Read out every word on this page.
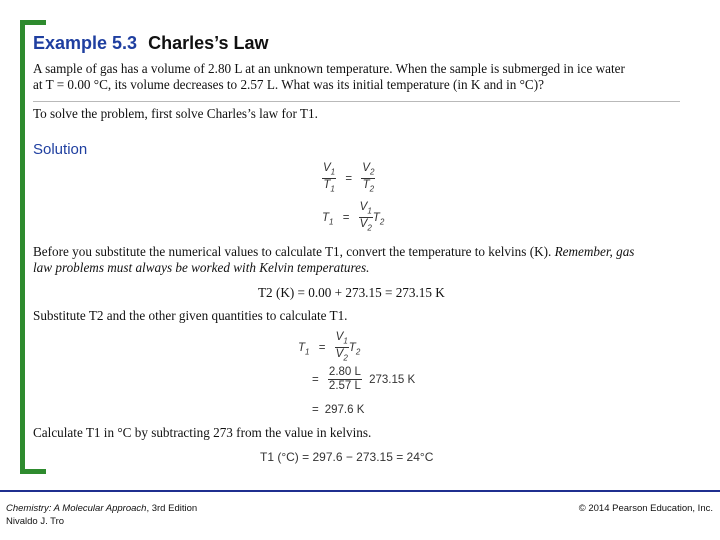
Example 5.3 Charles’s Law
A sample of gas has a volume of 2.80 L at an unknown temperature. When the sample is submerged in ice water
at T = 0.00 °C, its volume decreases to 2.57 L. What was its initial temperature (in K and in °C)?
To solve the problem, first solve Charles’s law for T1.
Solution
$\frac{V_1}{T_1} = \frac{V_2}{T_2}$
$T_1 = \frac{V_1}{V_2} T_2$
Before you substitute the numerical values to calculate T1, convert the temperature to kelvins (K). Remember, gas
law problems must always be worked with Kelvin temperatures.
T2 (K) = 0.00 + 273.15 = 273.15 K
Substitute T2 and the other given quantities to calculate T1.
$T_1 = \frac{V_1}{V_2} T_2$
= $\frac{2.80 L}{2.57 L} 273.15$ K
= 297.6 K
Calculate T1 in °C by subtracting 273 from the value in kelvins.
T1 (°C) = 297.6 − 273.15 = 24°C
Chemistry: A Molecular Approach, 3rd Edition
Nivaldo J. Tro
© 2014 Pearson Education, Inc.
